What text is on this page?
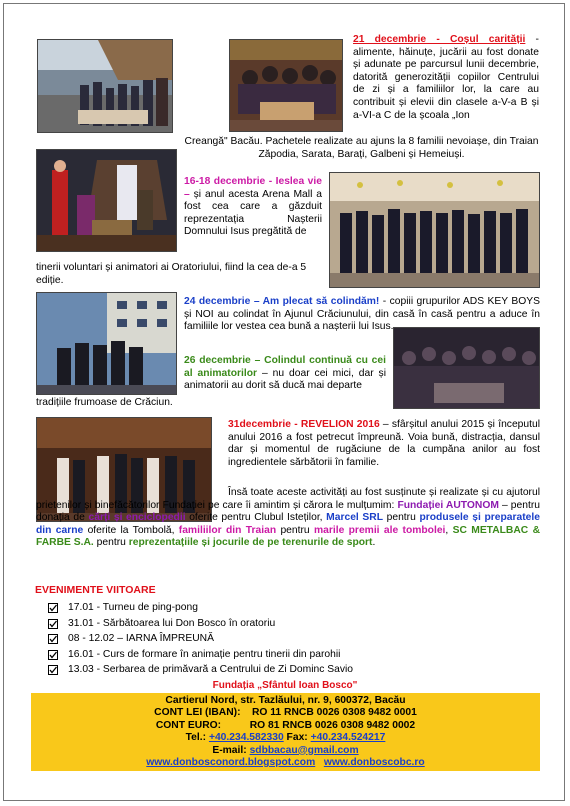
21 decembrie - Coșul carității - alimente, hăinuțe, jucării au fost donate și adunate pe parcursul lunii decembrie, datorită generozității copiilor Centrului de zi și a familiilor lor, la care au contribuit și elevii din clasele a-V-a B și a-VI-a C de la școala „Ion
Creangă" Bacău. Pachetele realizate au ajuns la 8 familii nevoiașe, din Traian Zăpodia, Sarata, Barați, Galbeni și Hemeiuși.
16-18 decembrie - Ieslea vie – și anul acesta Arena Mall a fost cea care a găzduit reprezentația Nașterii Domnului Isus pregătită de
tinerii voluntari și animatori ai Oratoriului, fiind la cea de-a 5 ediție.
24 decembrie – Am plecat să colindăm! - copiii grupurilor ADS KEY BOYS și NOI au colindat în Ajunul Crăciunului, din casă în casă pentru a aduce în familiile lor vestea cea bună a nașterii lui Isus.
26 decembrie – Colindul continuă cu cei al animatorilor – nu doar cei mici, dar și animatorii au dorit să ducă mai departe
tradițiile frumoase de Crăciun.
31decembrie - REVELION 2016 – sfârșitul anului 2015 și începutul anului 2016 a fost petrecut împreună. Voia bună, distracția, dansul dar și momentul de rugăciune de la cumpăna anilor au fost ingredientele sărbătorii în familie.
Însă toate aceste activități au fost susținute și realizate și cu ajutorul prietenilor și binefăcătorilor Fundației pe care îi amintim și cărora le mulțumim: Fundației AUTONOM – pentru donația de cărți și enciclopedii oferite pentru Clubul Isteților, Marcel SRL pentru produsele și preparatele din carne oferite la Tombolă, familiilor din Traian pentru marile premii ale tombolei, SC METALBAC & FARBE S.A. pentru reprezentațiile și jocurile de pe terenurile de sport.
EVENIMENTE VIITOARE
17.01 - Turneu de ping-pong
31.01 - Sărbătoarea lui Don Bosco în oratoriu
08 - 12.02 – IARNA ÎMPREUNĂ
16.01 - Curs de formare în animație pentru tinerii din parohii
13.03 - Serbarea de primăvară a Centrului de Zi Dominc Savio
Fundația „Sfântul Ioan Bosco"
Cartierul Nord, str. Tazlăului, nr. 9, 600372, Bacău
CONT LEI (IBAN): RO 11 RNCB 0026 0308 9482 0001
CONT EURO:	RO 81 RNCB 0026 0308 9482 0002
Tel.: +40.234.582330 Fax: +40.234.524217
E-mail: sdbbacau@gmail.com
www.donbosconord.blogspot.com www.donboscobc.ro
